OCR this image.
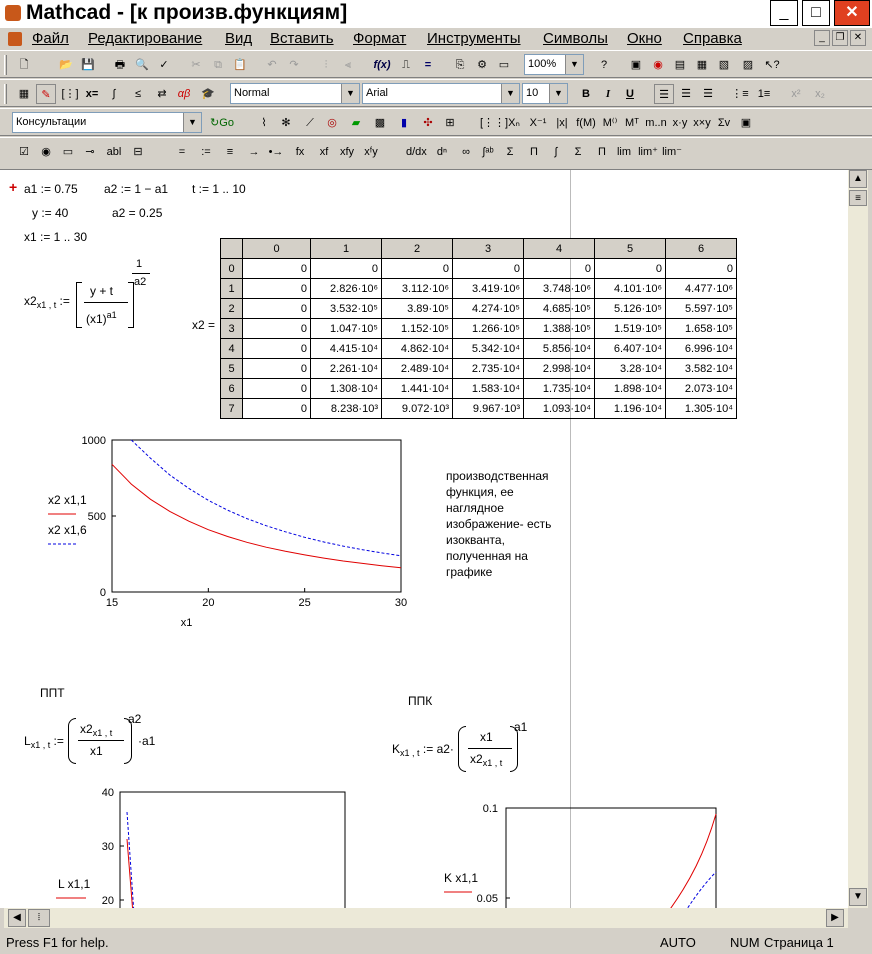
Mathcad - [к произв.функциям]	_	□	✕
Файл Редактирование Вид Вставить Формат Инструменты Символы Окно Справка	_	❐ ✕
🗋	📂 💾	🖶 🔍 ✓	✂	⧉	📋	↶	↷	⫶	⫷	f(x)	⎍	=	⎘	⚙	▭	100%	▼	?	▣	◉	▤	▦	▧	▨	↖?
▦	✎ [⋮] x=	∫	≤	⇄	αβ 🎓	Normal	▼	Arial	▼	10	▼	B	I	U	☰	☰	☰	⋮≡ 1≡	x²	x₂
Консультации	▼	↻Go	⌇	✻	⟋	◎	▰	▩	▮	✣	⊞	[⋮⋮] Xₙ X⁻¹ |x| f(M) M⁽⁾ Mᵀ m..n x·y x×y Σv ▣
☑	◉	▭	⊸	abl	⊟	=	:=	≡	→ •→	fx	xf	xfy xᶠy	d/dx dⁿ	∞	∫ᵃᵇ	Σ	Π	∫	Σ	Π	lim lim⁺ lim⁻
+ a1 := 0.75 a2 := 1 − a1 t := 1 .. 10
y := 40	a2 = 0.25
x1 := 1 .. 30
$x2_{x1 , t}$ :=
y + t
$(x1)^{a1}$
1
a2
x2 =
	0	1	2	3	4	5	6
0	0	0	0	0	0	0	0
1	0	2.826·10⁶	3.112·10⁶	3.419·10⁶	3.748·10⁶	4.101·10⁶	4.477·10⁶
2	0	3.532·10⁵	3.89·10⁵	4.274·10⁵	4.685·10⁵	5.126·10⁵	5.597·10⁵
3	0	1.047·10⁵	1.152·10⁵	1.266·10⁵	1.388·10⁵	1.519·10⁵	1.658·10⁵
4	0	4.415·10⁴	4.862·10⁴	5.342·10⁴	5.856·10⁴	6.407·10⁴	6.996·10⁴
5	0	2.261·10⁴	2.489·10⁴	2.735·10⁴	2.998·10⁴	3.28·10⁴	3.582·10⁴
6	0	1.308·10⁴	1.441·10⁴	1.583·10⁴	1.735·10⁴	1.898·10⁴	2.073·10⁴
7	0	8.238·10³	9.072·10³	9.967·10³	1.093·10⁴	1.196·10⁴	1.305·10⁴
0
500
1000
15	20	25	30
x1
x2 x1,1
x2 x1,6
производственная
функция, ее
наглядное
изображение- есть
изокванта,
полученная на
графике
ППТ
ППК
$L_{x1 , t}$ :=
$x2_{x1 , t}$
x1
a2
·a1
$K_{x1 , t}$ := a2·
x1
$x2_{x1 , t}$
a1
40
30
20
L x1,1
0.1
0.05
K x1,1
▲
≡
▼
◀	⦙	▶
Press F1 for help.	AUTO	NUM Страница 1
